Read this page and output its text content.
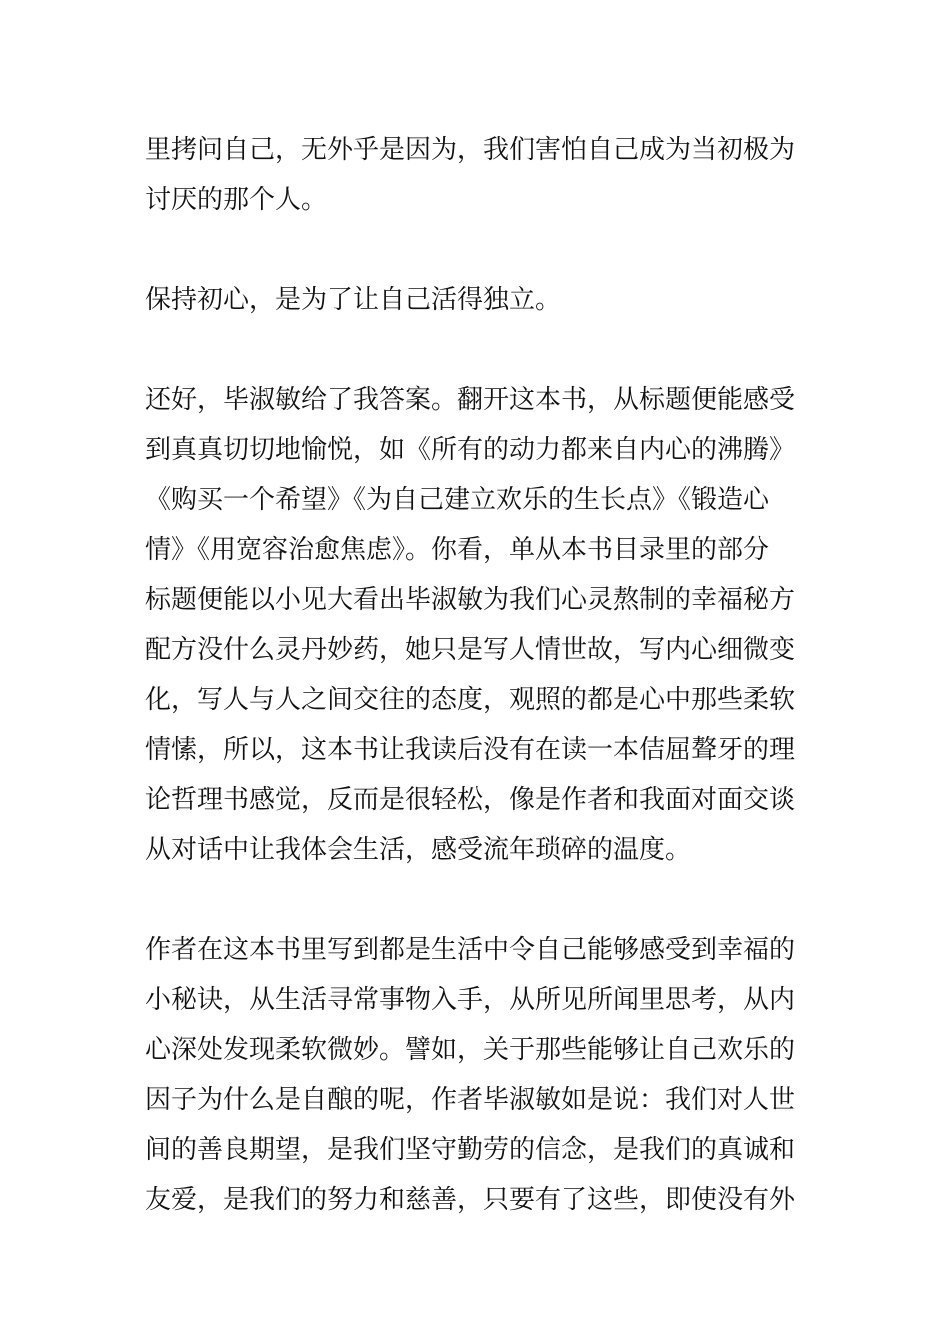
里拷问自己，无外乎是因为，我们害怕自己成为当初极为
讨厌的那个人。
保持初心，是为了让自己活得独立。
还好，毕淑敏给了我答案。翻开这本书，从标题便能感受
到真真切切地愉悦，如《所有的动力都来自内心的沸腾》
《购买一个希望》《为自己建立欢乐的生长点》《锻造心
情》《用宽容治愈焦虑》。你看，单从本书目录里的部分
标题便能以小见大看出毕淑敏为我们心灵熬制的幸福秘方
配方没什么灵丹妙药，她只是写人情世故，写内心细微变
化，写人与人之间交往的态度，观照的都是心中那些柔软
情愫，所以，这本书让我读后没有在读一本佶屈聱牙的理
论哲理书感觉，反而是很轻松，像是作者和我面对面交谈
从对话中让我体会生活，感受流年琐碎的温度。
作者在这本书里写到都是生活中令自己能够感受到幸福的
小秘诀，从生活寻常事物入手，从所见所闻里思考，从内
心深处发现柔软微妙。譬如，关于那些能够让自己欢乐的
因子为什么是自酿的呢，作者毕淑敏如是说：我们对人世
间的善良期望，是我们坚守勤劳的信念，是我们的真诚和
友爱，是我们的努力和慈善，只要有了这些，即使没有外
